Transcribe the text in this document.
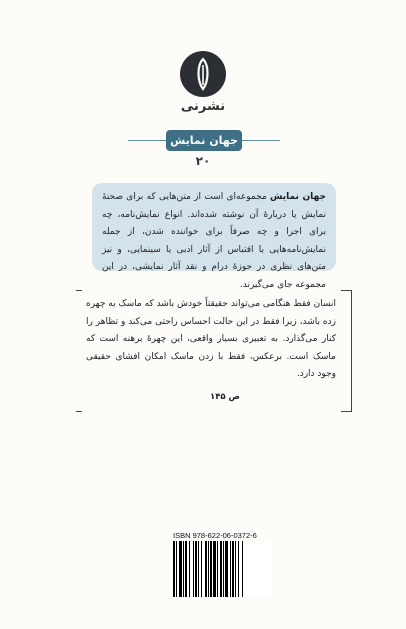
نشرنی
جهان نمایش
۲۰
جهان نمایش مجموعه‌ای است از متن‌هایی که برای صحنهٔ نمایش یا دربارهٔ آن نوشته شده‌اند. انواع نمایش‌نامه، چه برای اجرا و چه صرفاً برای خواننده شدن، از جمله نمایش‌نامه‌هایی با اقتباس از آثار ادبی یا سینمایی، و نیز متن‌های نظری در حوزهٔ درام و نقد آثار نمایشی، در این مجموعه جای می‌گیرند.
انسان فقط هنگامی می‌تواند حقیقتاً خودش باشد که ماسک به چهره زده باشد، زیرا فقط در این حالت احساس راحتی می‌کند و تظاهر را کنار می‌گذارد. به تعبیری بسیار واقعی، این چهرهٔ برهنه است که ماسک است. برعکس، فقط با زدن ماسک امکان افشای حقیقی وجود دارد.
ص ۱۴۵
ISBN 978-622-06-0372-6
